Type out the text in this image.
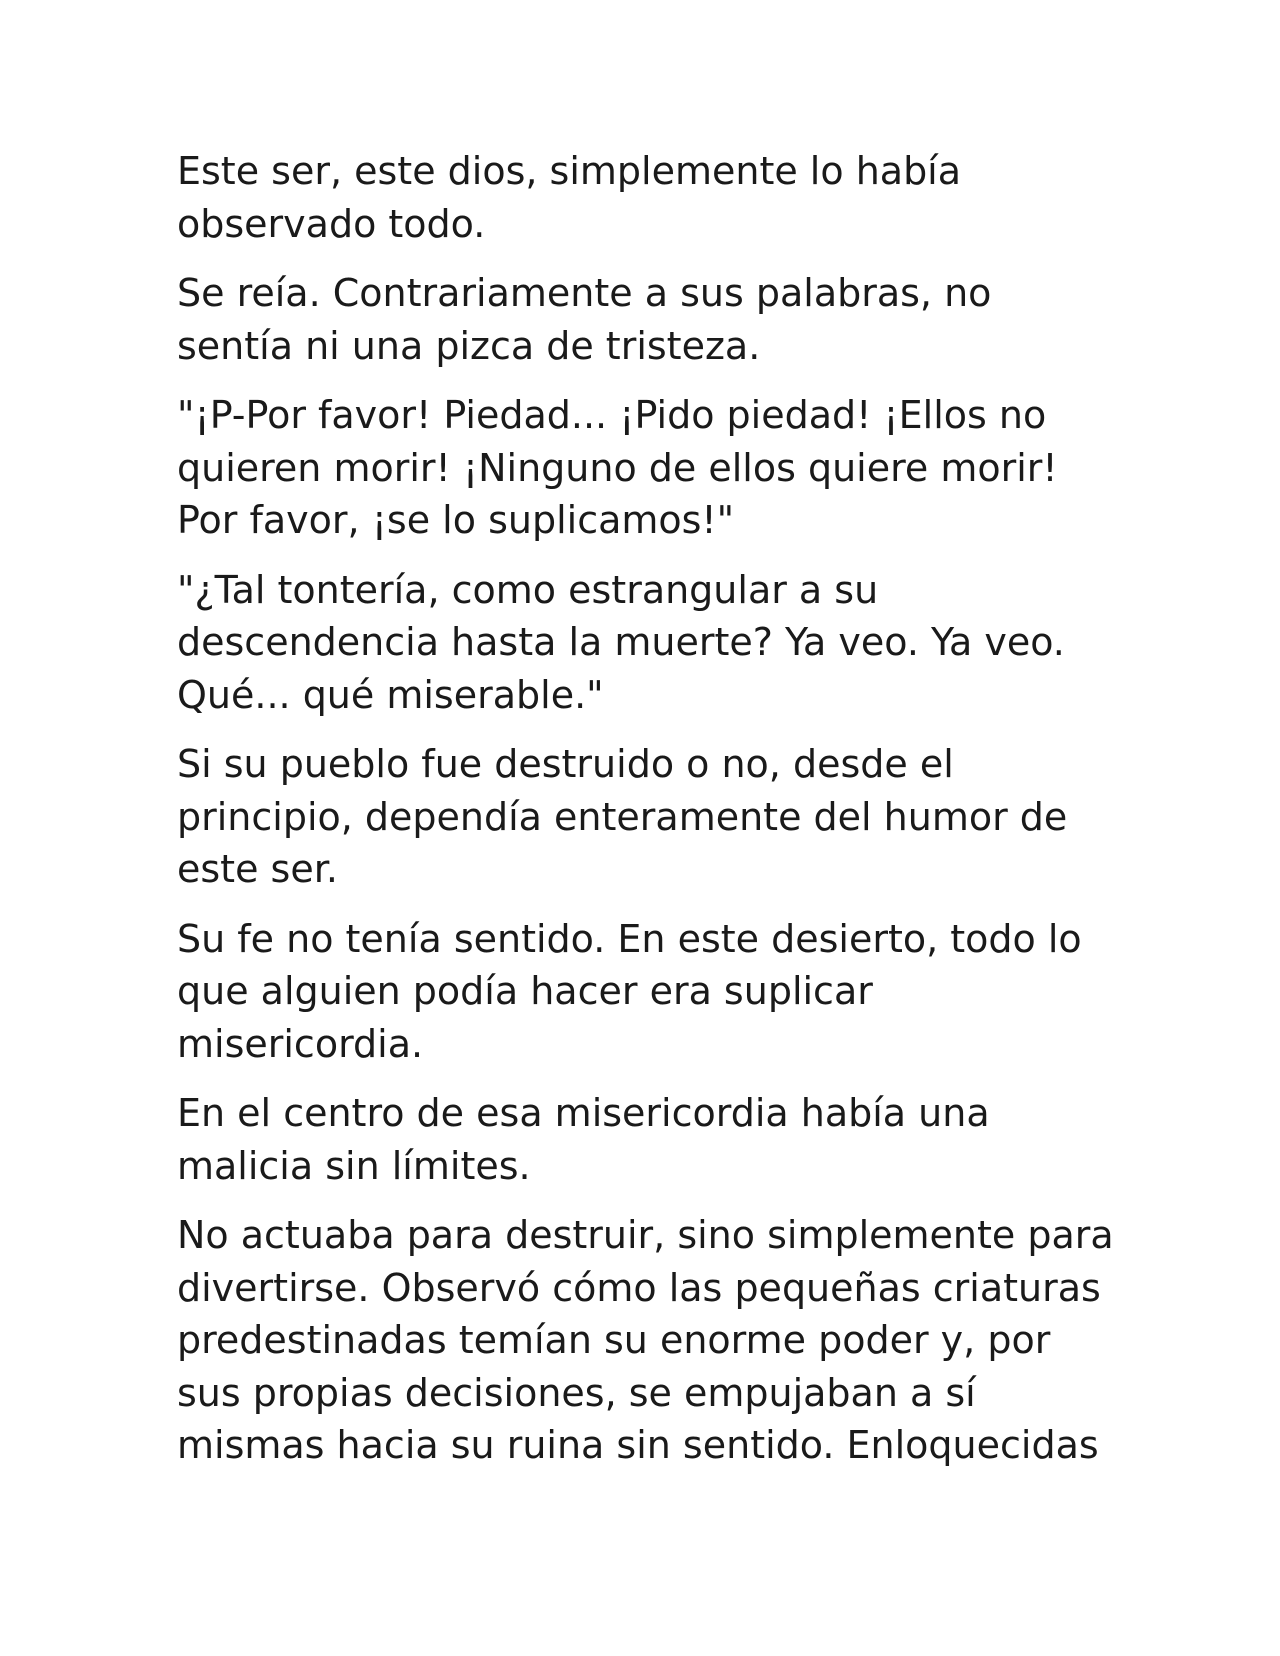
Este ser, este dios, simplemente lo había
observado todo.

Se reía. Contrariamente a sus palabras, no
sentía ni una pizca de tristeza.

"¡P-Por favor! Piedad... ¡Pido piedad! ¡Ellos no
quieren morir! ¡Ninguno de ellos quiere morir!
Por favor, ¡se lo suplicamos!"

"¿Tal tontería, como estrangular a su
descendencia hasta la muerte? Ya veo. Ya veo.
Qué... qué miserable."

Si su pueblo fue destruido o no, desde el
principio, dependía enteramente del humor de
este ser.

Su fe no tenía sentido. En este desierto, todo lo
que alguien podía hacer era suplicar
misericordia.

En el centro de esa misericordia había una
malicia sin límites.

No actuaba para destruir, sino simplemente para
divertirse. Observó cómo las pequeñas criaturas
predestinadas temían su enorme poder y, por
sus propias decisiones, se empujaban a sí
mismas hacia su ruina sin sentido. Enloquecidas
